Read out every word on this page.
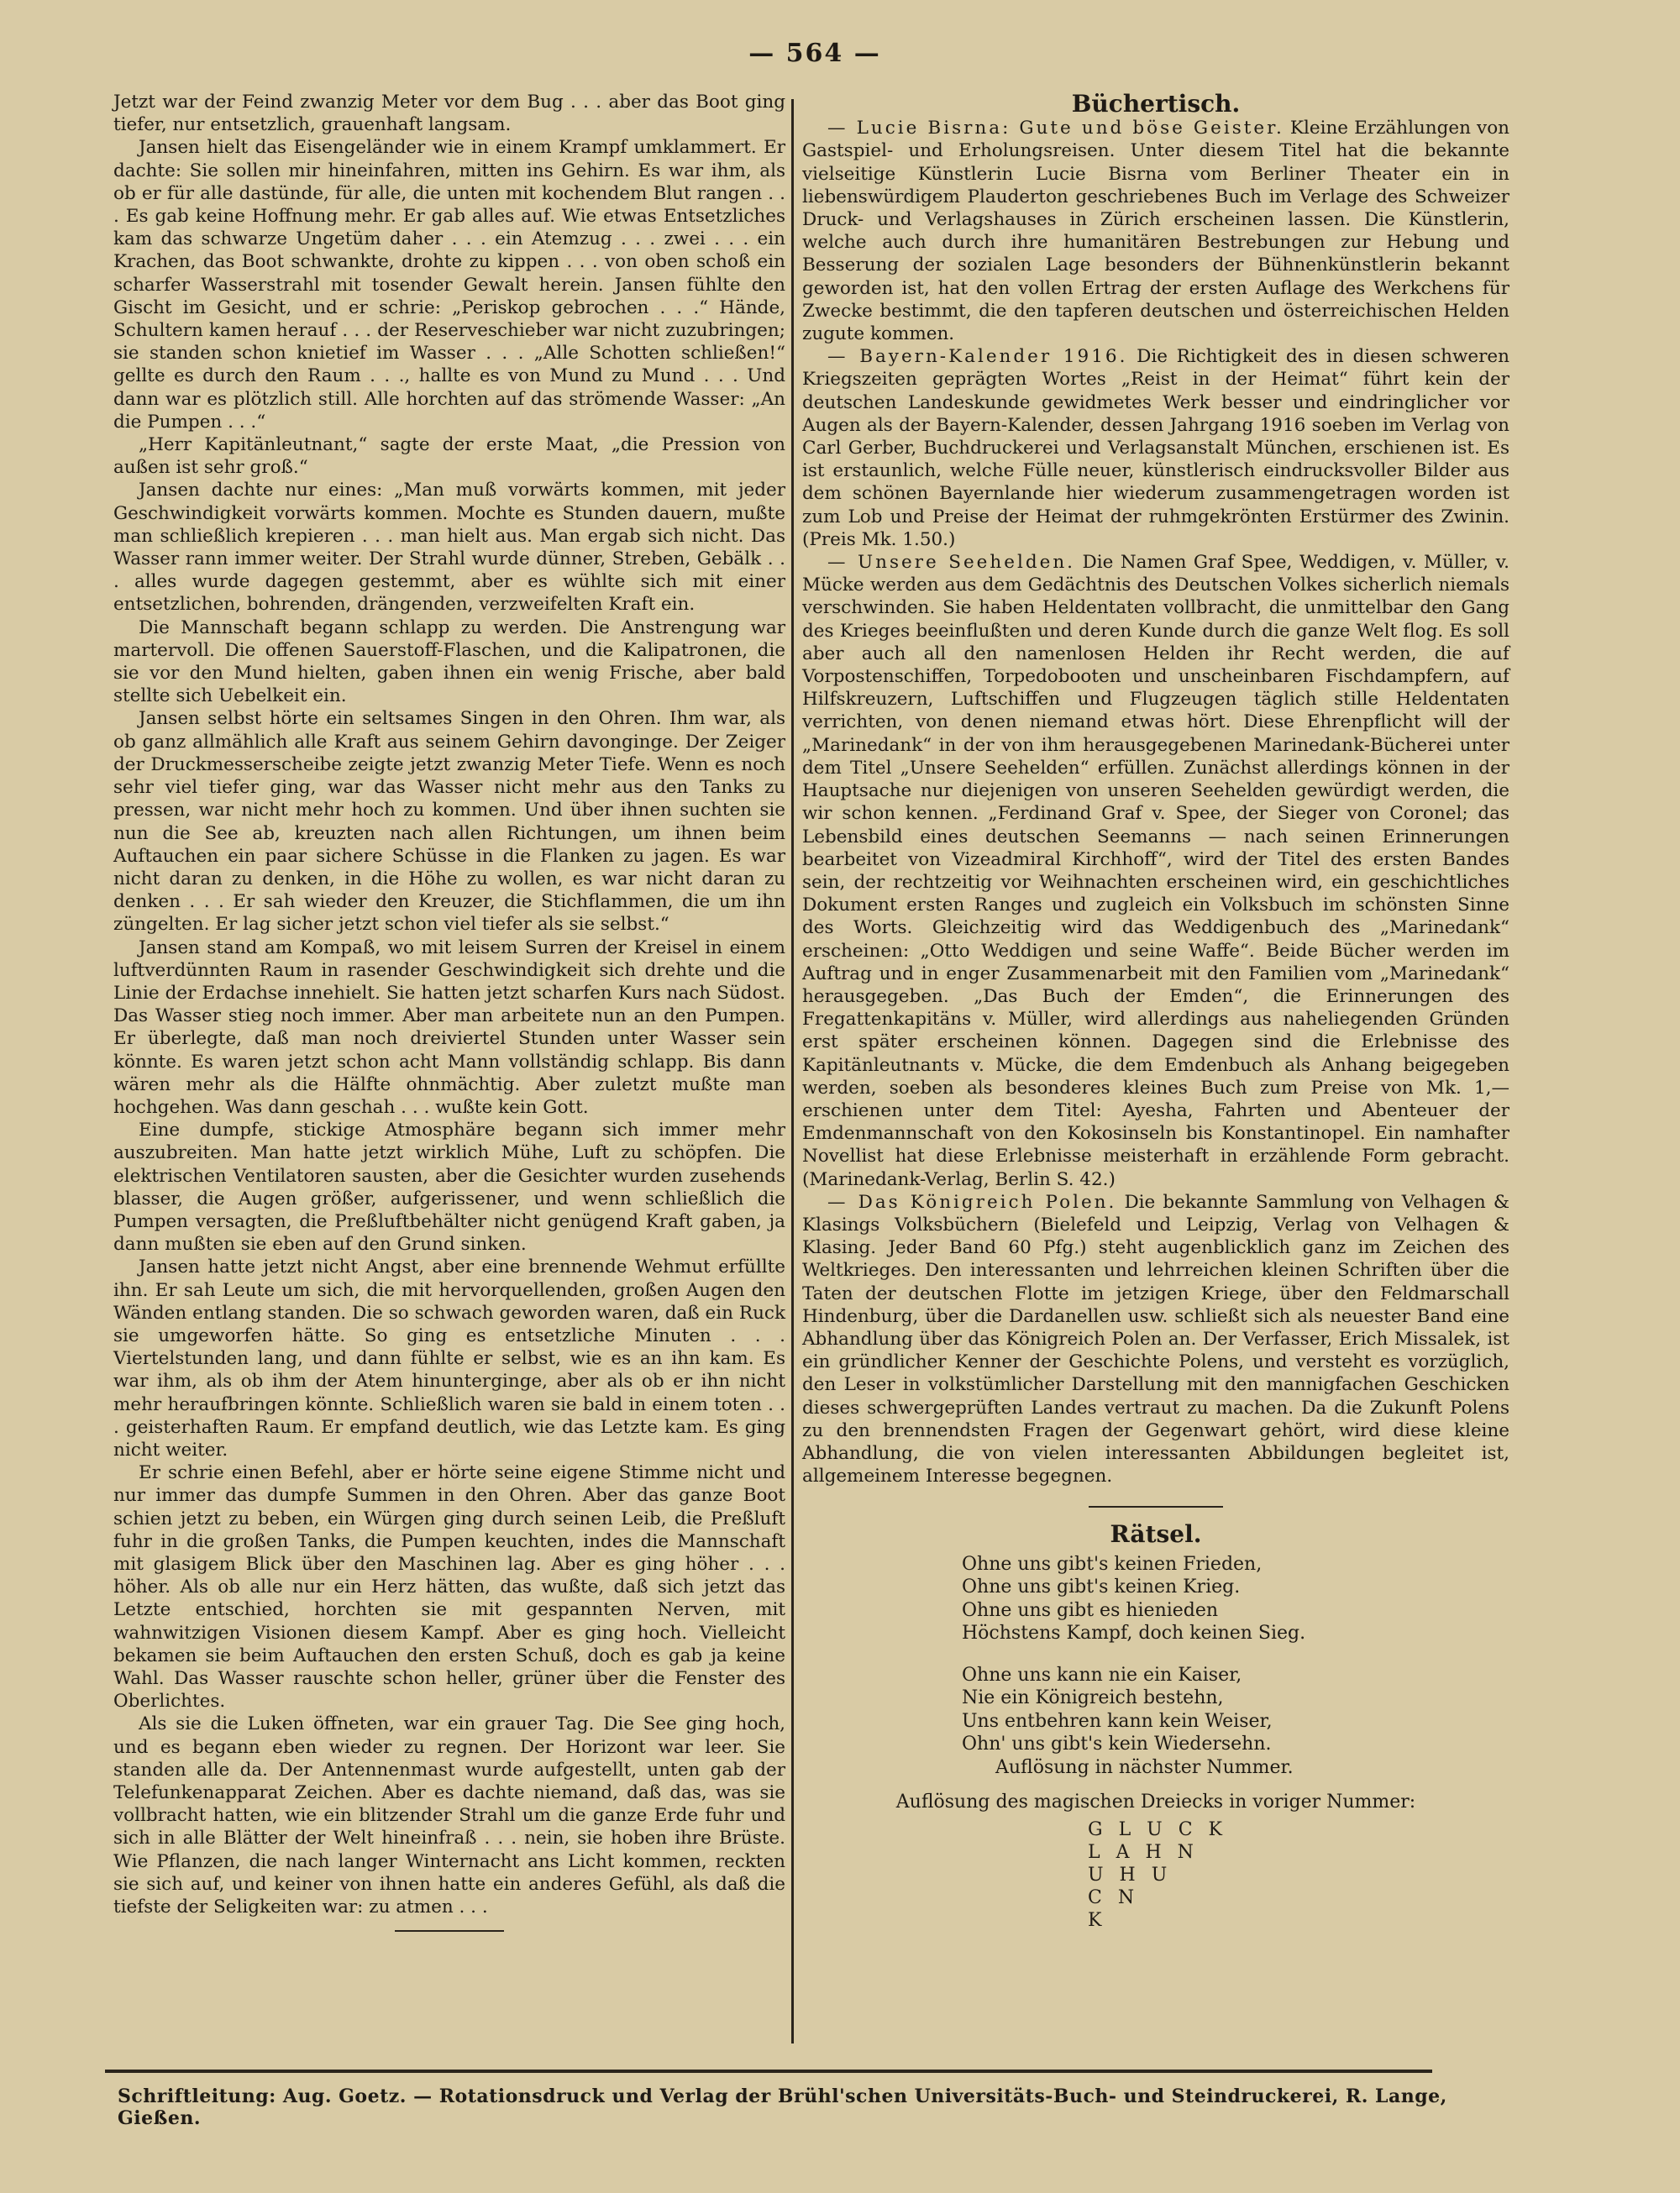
— 564 —

Jetzt war der Feind zwanzig Meter vor dem Bug . . . aber das Boot ging tiefer, nur entsetzlich, grauenhaft langsam.

Jansen hielt das Eisengeländer wie in einem Krampf umklammert. Er dachte: Sie sollen mir hineinfahren, mitten ins Gehirn. Es war ihm, als ob er für alle dastünde, für alle, die unten mit kochendem Blut rangen . . . Es gab keine Hoffnung mehr. Er gab alles auf. Wie etwas Entsetzliches kam das schwarze Ungetüm daher . . . ein Atemzug . . . zwei . . . ein Krachen, das Boot schwankte, drohte zu kippen . . . von oben schoß ein scharfer Wasserstrahl mit tosender Gewalt herein. Jansen fühlte den Gischt im Gesicht, und er schrie: „Periskop gebrochen . . .“ Hände, Schultern kamen herauf . . . der Reserveschieber war nicht zuzubringen; sie standen schon knietief im Wasser . . . „Alle Schotten schließen!“ gellte es durch den Raum . . ., hallte es von Mund zu Mund . . . Und dann war es plötzlich still. Alle horchten auf das strömende Wasser: „An die Pumpen . . .“

„Herr Kapitänleutnant,“ sagte der erste Maat, „die Pression von außen ist sehr groß.“

Jansen dachte nur eines: „Man muß vorwärts kommen, mit jeder Geschwindigkeit vorwärts kommen. Mochte es Stunden dauern, mußte man schließlich krepieren . . . man hielt aus. Man ergab sich nicht. Das Wasser rann immer weiter. Der Strahl wurde dünner, Streben, Gebälk . . . alles wurde dagegen gestemmt, aber es wühlte sich mit einer entsetzlichen, bohrenden, drängenden, verzweifelten Kraft ein.

Die Mannschaft begann schlapp zu werden. Die Anstrengung war martervoll. Die offenen Sauerstoff-Flaschen, und die Kalipatronen, die sie vor den Mund hielten, gaben ihnen ein wenig Frische, aber bald stellte sich Uebelkeit ein.

Jansen selbst hörte ein seltsames Singen in den Ohren. Ihm war, als ob ganz allmählich alle Kraft aus seinem Gehirn davonginge. Der Zeiger der Druckmesserscheibe zeigte jetzt zwanzig Meter Tiefe. Wenn es noch sehr viel tiefer ging, war das Wasser nicht mehr aus den Tanks zu pressen, war nicht mehr hoch zu kommen. Und über ihnen suchten sie nun die See ab, kreuzten nach allen Richtungen, um ihnen beim Auftauchen ein paar sichere Schüsse in die Flanken zu jagen. Es war nicht daran zu denken, in die Höhe zu wollen, es war nicht daran zu denken . . . Er sah wieder den Kreuzer, die Stichflammen, die um ihn züngelten. Er lag sicher jetzt schon viel tiefer als sie selbst.“

Jansen stand am Kompaß, wo mit leisem Surren der Kreisel in einem luftverdünnten Raum in rasender Geschwindigkeit sich drehte und die Linie der Erdachse innehielt. Sie hatten jetzt scharfen Kurs nach Südost. Das Wasser stieg noch immer. Aber man arbeitete nun an den Pumpen. Er überlegte, daß man noch dreiviertel Stunden unter Wasser sein könnte. Es waren jetzt schon acht Mann vollständig schlapp. Bis dann wären mehr als die Hälfte ohnmächtig. Aber zuletzt mußte man hochgehen. Was dann geschah . . . wußte kein Gott.

Eine dumpfe, stickige Atmosphäre begann sich immer mehr auszubreiten. Man hatte jetzt wirklich Mühe, Luft zu schöpfen. Die elektrischen Ventilatoren sausten, aber die Gesichter wurden zusehends blasser, die Augen größer, aufgerissener, und wenn schließlich die Pumpen versagten, die Preßluftbehälter nicht genügend Kraft gaben, ja dann mußten sie eben auf den Grund sinken.

Jansen hatte jetzt nicht Angst, aber eine brennende Wehmut erfüllte ihn. Er sah Leute um sich, die mit hervorquellenden, großen Augen den Wänden entlang standen. Die so schwach geworden waren, daß ein Ruck sie umgeworfen hätte. So ging es entsetzliche Minuten . . . Viertelstunden lang, und dann fühlte er selbst, wie es an ihn kam. Es war ihm, als ob ihm der Atem hinunterginge, aber als ob er ihn nicht mehr heraufbringen könnte. Schließlich waren sie bald in einem toten . . . geisterhaften Raum. Er empfand deutlich, wie das Letzte kam. Es ging nicht weiter.

Er schrie einen Befehl, aber er hörte seine eigene Stimme nicht und nur immer das dumpfe Summen in den Ohren. Aber das ganze Boot schien jetzt zu beben, ein Würgen ging durch seinen Leib, die Preßluft fuhr in die großen Tanks, die Pumpen keuchten, indes die Mannschaft mit glasigem Blick über den Maschinen lag. Aber es ging höher . . . höher. Als ob alle nur ein Herz hätten, das wußte, daß sich jetzt das Letzte entschied, horchten sie mit gespannten Nerven, mit wahnwitzigen Visionen diesem Kampf. Aber es ging hoch. Vielleicht bekamen sie beim Auftauchen den ersten Schuß, doch es gab ja keine Wahl. Das Wasser rauschte schon heller, grüner über die Fenster des Oberlichtes.

Als sie die Luken öffneten, war ein grauer Tag. Die See ging hoch, und es begann eben wieder zu regnen. Der Horizont war leer. Sie standen alle da. Der Antennenmast wurde aufgestellt, unten gab der Telefunkenapparat Zeichen. Aber es dachte niemand, daß das, was sie vollbracht hatten, wie ein blitzender Strahl um die ganze Erde fuhr und sich in alle Blätter der Welt hineinfraß . . . nein, sie hoben ihre Brüste. Wie Pflanzen, die nach langer Winternacht ans Licht kommen, reckten sie sich auf, und keiner von ihnen hatte ein anderes Gefühl, als daß die tiefste der Seligkeiten war: zu atmen . . .

Büchertisch.

— Lucie Bisrna: Gute und böse Geister. Kleine Erzählungen von Gastspiel- und Erholungsreisen. Unter diesem Titel hat die bekannte vielseitige Künstlerin Lucie Bisrna vom Berliner Theater ein in liebenswürdigem Plauderton geschriebenes Buch im Verlage des Schweizer Druck- und Verlagshauses in Zürich erscheinen lassen. Die Künstlerin, welche auch durch ihre humanitären Bestrebungen zur Hebung und Besserung der sozialen Lage besonders der Bühnenkünstlerin bekannt geworden ist, hat den vollen Ertrag der ersten Auflage des Werkchens für Zwecke bestimmt, die den tapferen deutschen und österreichischen Helden zugute kommen.

— Bayern-Kalender 1916. Die Richtigkeit des in diesen schweren Kriegszeiten geprägten Wortes „Reist in der Heimat“ führt kein der deutschen Landeskunde gewidmetes Werk besser und eindringlicher vor Augen als der Bayern-Kalender, dessen Jahrgang 1916 soeben im Verlag von Carl Gerber, Buchdruckerei und Verlagsanstalt München, erschienen ist. Es ist erstaunlich, welche Fülle neuer, künstlerisch eindrucksvoller Bilder aus dem schönen Bayernlande hier wiederum zusammengetragen worden ist zum Lob und Preise der Heimat der ruhmgekrönten Erstürmer des Zwinin. (Preis Mk. 1.50.)

— Unsere Seehelden. Die Namen Graf Spee, Weddigen, v. Müller, v. Mücke werden aus dem Gedächtnis des Deutschen Volkes sicherlich niemals verschwinden. Sie haben Heldentaten vollbracht, die unmittelbar den Gang des Krieges beeinflußten und deren Kunde durch die ganze Welt flog. Es soll aber auch all den namenlosen Helden ihr Recht werden, die auf Vorpostenschiffen, Torpedobooten und unscheinbaren Fischdampfern, auf Hilfskreuzern, Luftschiffen und Flugzeugen täglich stille Heldentaten verrichten, von denen niemand etwas hört. Diese Ehrenpflicht will der „Marinedank“ in der von ihm herausgegebenen Marinedank-Bücherei unter dem Titel „Unsere Seehelden“ erfüllen. Zunächst allerdings können in der Hauptsache nur diejenigen von unseren Seehelden gewürdigt werden, die wir schon kennen. „Ferdinand Graf v. Spee, der Sieger von Coronel; das Lebensbild eines deutschen Seemanns — nach seinen Erinnerungen bearbeitet von Vizeadmiral Kirchhoff“, wird der Titel des ersten Bandes sein, der rechtzeitig vor Weihnachten erscheinen wird, ein geschichtliches Dokument ersten Ranges und zugleich ein Volksbuch im schönsten Sinne des Worts. Gleichzeitig wird das Weddigenbuch des „Marinedank“ erscheinen: „Otto Weddigen und seine Waffe“. Beide Bücher werden im Auftrag und in enger Zusammenarbeit mit den Familien vom „Marinedank“ herausgegeben. „Das Buch der Emden“, die Erinnerungen des Fregattenkapitäns v. Müller, wird allerdings aus naheliegenden Gründen erst später erscheinen können. Dagegen sind die Erlebnisse des Kapitänleutnants v. Mücke, die dem Emdenbuch als Anhang beigegeben werden, soeben als besonderes kleines Buch zum Preise von Mk. 1,— erschienen unter dem Titel: Ayesha, Fahrten und Abenteuer der Emdenmannschaft von den Kokosinseln bis Konstantinopel. Ein namhafter Novellist hat diese Erlebnisse meisterhaft in erzählende Form gebracht. (Marinedank-Verlag, Berlin S. 42.)

— Das Königreich Polen. Die bekannte Sammlung von Velhagen & Klasings Volksbüchern (Bielefeld und Leipzig, Verlag von Velhagen & Klasing. Jeder Band 60 Pfg.) steht augenblicklich ganz im Zeichen des Weltkrieges. Den interessanten und lehrreichen kleinen Schriften über die Taten der deutschen Flotte im jetzigen Kriege, über den Feldmarschall Hindenburg, über die Dardanellen usw. schließt sich als neuester Band eine Abhandlung über das Königreich Polen an. Der Verfasser, Erich Missalek, ist ein gründlicher Kenner der Geschichte Polens, und versteht es vorzüglich, den Leser in volkstümlicher Darstellung mit den mannigfachen Geschicken dieses schwergeprüften Landes vertraut zu machen. Da die Zukunft Polens zu den brennendsten Fragen der Gegenwart gehört, wird diese kleine Abhandlung, die von vielen interessanten Abbildungen begleitet ist, allgemeinem Interesse begegnen.

Rätsel.
Ohne uns gibt's keinen Frieden,
Ohne uns gibt's keinen Krieg.
Ohne uns gibt es hienieden
Höchstens Kampf, doch keinen Sieg.
Ohne uns kann nie ein Kaiser,
Nie ein Königreich bestehn,
Uns entbehren kann kein Weiser,
Ohn' uns gibt's kein Wiedersehn.
Auflösung in nächster Nummer.
Auflösung des magischen Dreiecks in voriger Nummer:
G L U C K
L A H N
U H U
C N
K
Schriftleitung: Aug. Goetz. — Rotationsdruck und Verlag der Brühl'schen Universitäts-Buch- und Steindruckerei, R. Lange, Gießen.
